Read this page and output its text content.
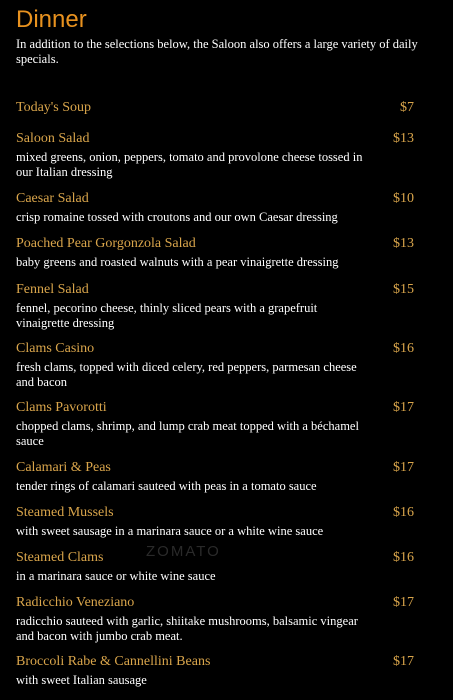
Dinner

In addition to the selections below, the Saloon also offers a large variety of daily specials.

Today's Soup	$7
Saloon Salad	$13
mixed greens, onion, peppers, tomato and provolone cheese tossed in our Italian dressing
Caesar Salad	$10
crisp romaine tossed with croutons and our own Caesar dressing
Poached Pear Gorgonzola Salad	$13
baby greens and roasted walnuts with a pear vinaigrette dressing
Fennel Salad	$15
fennel, pecorino cheese, thinly sliced pears with a grapefruit vinaigrette dressing
Clams Casino	$16
fresh clams, topped with diced celery, red peppers, parmesan cheese and bacon
Clams Pavorotti	$17
chopped clams, shrimp, and lump crab meat topped with a béchamel sauce
Calamari & Peas	$17
tender rings of calamari sauteed with peas in a tomato sauce
Steamed Mussels	$16
with sweet sausage in a marinara sauce or a white wine sauce
ZOMATO
Steamed Clams	$16
in a marinara sauce or white wine sauce
Radicchio Veneziano	$17
radicchio sauteed with garlic, shiitake mushrooms, balsamic vingear and bacon with jumbo crab meat.
Broccoli Rabe & Cannellini Beans	$17
with sweet Italian sausage
